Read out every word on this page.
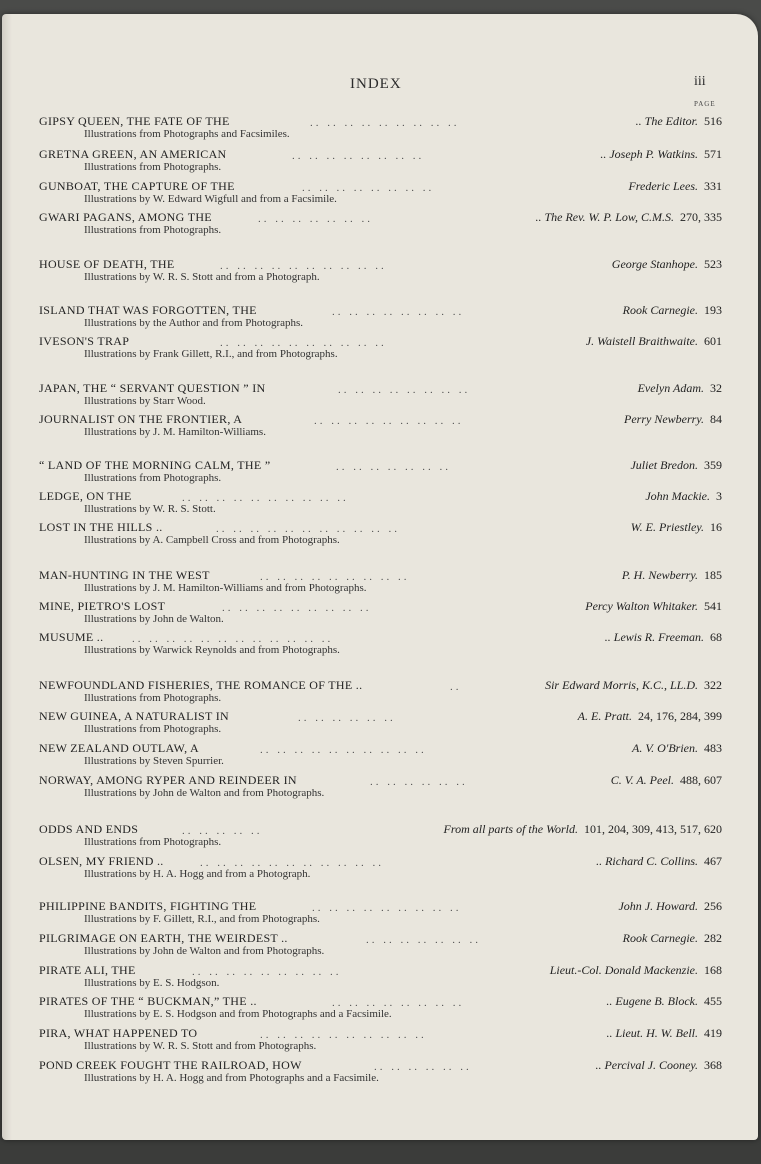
INDEX	iii
PAGE
GIPSY QUEEN, THE FATE OF THE	.. .. .. .. .. .. .. .. ..	.. The Editor. 516
Illustrations from Photographs and Facsimiles.
GRETNA GREEN, AN AMERICAN	.. .. .. .. .. .. .. ..	.. Joseph P. Watkins. 571
Illustrations from Photographs.
GUNBOAT, THE CAPTURE OF THE	.. .. .. .. .. .. .. ..	Frederic Lees. 331
Illustrations by W. Edward Wigfull and from a Facsimile.
GWARI PAGANS, AMONG THE	.. .. .. .. .. .. ..	.. The Rev. W. P. Low, C.M.S. 270, 335
Illustrations from Photographs.
HOUSE OF DEATH, THE	.. .. .. .. .. .. .. .. .. ..	George Stanhope. 523
Illustrations by W. R. S. Stott and from a Photograph.
ISLAND THAT WAS FORGOTTEN, THE	.. .. .. .. .. .. .. ..	Rook Carnegie. 193
Illustrations by the Author and from Photographs.
IVESON'S TRAP	.. .. .. .. .. .. .. .. .. ..	J. Waistell Braithwaite. 601
Illustrations by Frank Gillett, R.I., and from Photographs.
JAPAN, THE “ SERVANT QUESTION ” IN	.. .. .. .. .. .. .. ..	Evelyn Adam. 32
Illustrations by Starr Wood.
JOURNALIST ON THE FRONTIER, A	.. .. .. .. .. .. .. .. ..	Perry Newberry. 84
Illustrations by J. M. Hamilton-Williams.
“ LAND OF THE MORNING CALM, THE ”	.. .. .. .. .. .. ..	Juliet Bredon. 359
Illustrations from Photographs.
LEDGE, ON THE	.. .. .. .. .. .. .. .. .. ..	John Mackie. 3
Illustrations by W. R. S. Stott.
LOST IN THE HILLS ..	.. .. .. .. .. .. .. .. .. .. ..	W. E. Priestley. 16
Illustrations by A. Campbell Cross and from Photographs.
MAN-HUNTING IN THE WEST	.. .. .. .. .. .. .. .. ..	P. H. Newberry. 185
Illustrations by J. M. Hamilton-Williams and from Photographs.
MINE, PIETRO'S LOST	.. .. .. .. .. .. .. .. ..	Percy Walton Whitaker. 541
Illustrations by John de Walton.
MUSUME ..	.. .. .. .. .. .. .. .. .. .. .. ..	.. Lewis R. Freeman. 68
Illustrations by Warwick Reynolds and from Photographs.
NEWFOUNDLAND FISHERIES, THE ROMANCE OF THE ..	..	Sir Edward Morris, K.C., LL.D. 322
Illustrations from Photographs.
NEW GUINEA, A NATURALIST IN	.. .. .. .. .. ..	A. E. Pratt. 24, 176, 284, 399
Illustrations from Photographs.
NEW ZEALAND OUTLAW, A	.. .. .. .. .. .. .. .. .. ..	A. V. O'Brien. 483
Illustrations by Steven Spurrier.
NORWAY, AMONG RYPER AND REINDEER IN	.. .. .. .. .. ..	C. V. A. Peel. 488, 607
Illustrations by John de Walton and from Photographs.
ODDS AND ENDS	.. .. .. .. ..	From all parts of the World. 101, 204, 309, 413, 517, 620
Illustrations from Photographs.
OLSEN, MY FRIEND ..	.. .. .. .. .. .. .. .. .. .. ..	.. Richard C. Collins. 467
Illustrations by H. A. Hogg and from a Photograph.
PHILIPPINE BANDITS, FIGHTING THE	.. .. .. .. .. .. .. .. ..	John J. Howard. 256
Illustrations by F. Gillett, R.I., and from Photographs.
PILGRIMAGE ON EARTH, THE WEIRDEST ..	.. .. .. .. .. .. ..	Rook Carnegie. 282
Illustrations by John de Walton and from Photographs.
PIRATE ALI, THE	.. .. .. .. .. .. .. .. ..	Lieut.-Col. Donald Mackenzie. 168
Illustrations by E. S. Hodgson.
PIRATES OF THE “ BUCKMAN,” THE ..	.. .. .. .. .. .. .. ..	.. Eugene B. Block. 455
Illustrations by E. S. Hodgson and from Photographs and a Facsimile.
PIRA, WHAT HAPPENED TO	.. .. .. .. .. .. .. .. .. ..	.. Lieut. H. W. Bell. 419
Illustrations by W. R. S. Stott and from Photographs.
POND CREEK FOUGHT THE RAILROAD, HOW	.. .. .. .. .. ..	.. Percival J. Cooney. 368
Illustrations by H. A. Hogg and from Photographs and a Facsimile.
